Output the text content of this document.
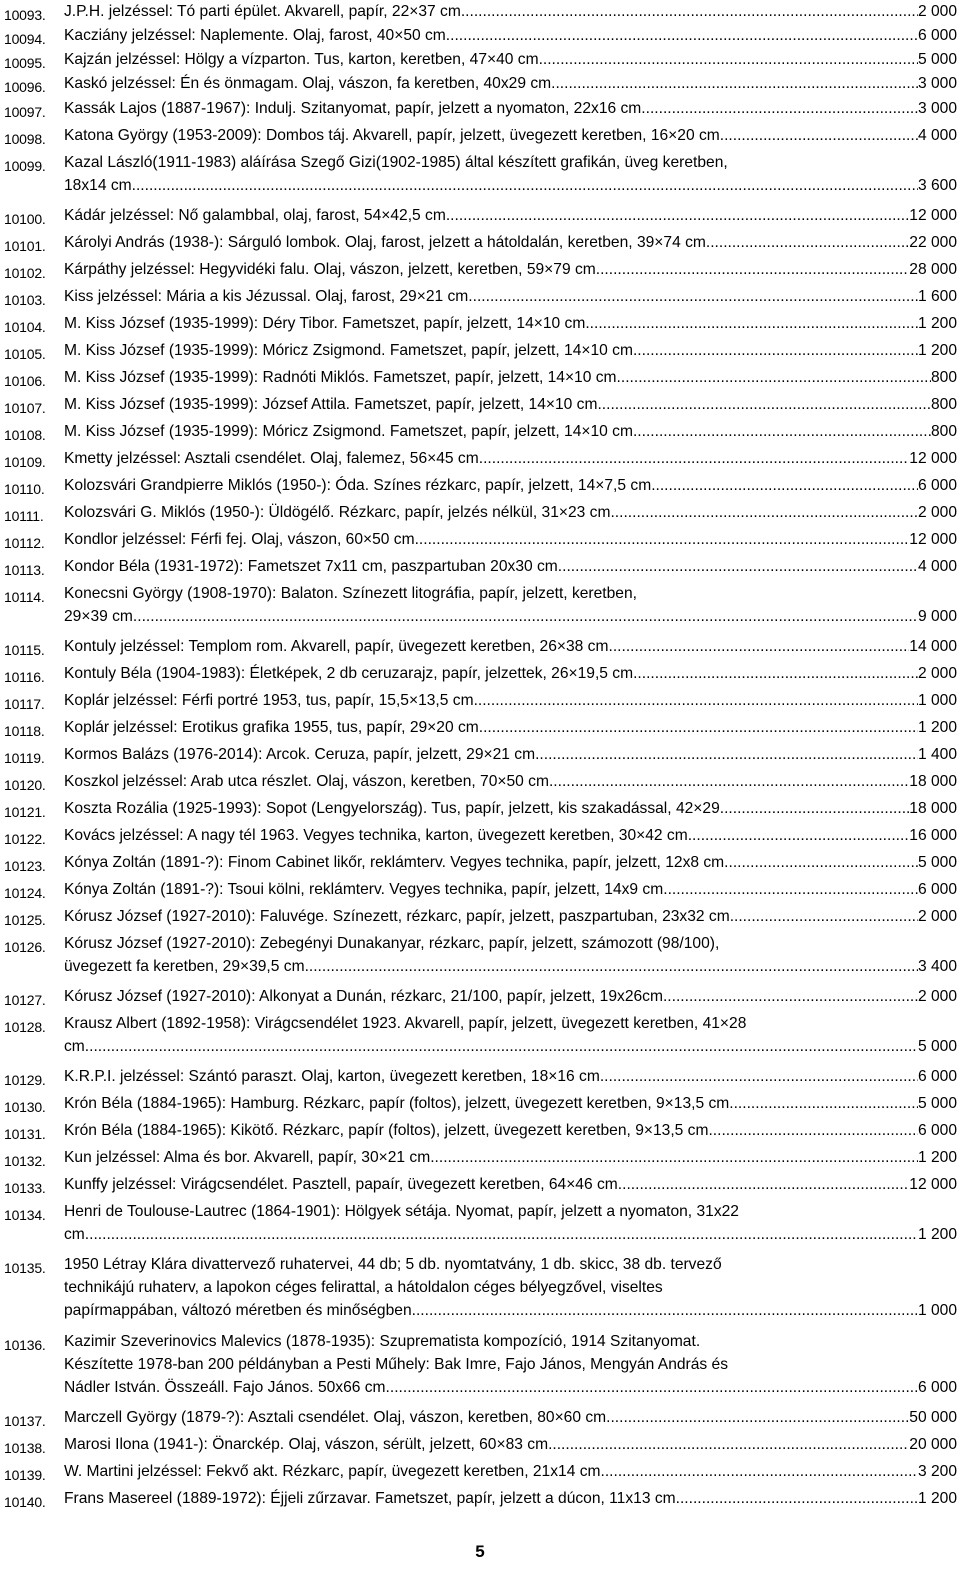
10093.	J.P.H. jelzéssel: Tó parti épület. Akvarell, papír, 22×37 cm .....	2 000
10094.	Kacziány jelzéssel: Naplemente. Olaj, farost, 40×50 cm .....	6 000
10095.	Kajzán jelzéssel: Hölgy a vízparton. Tus, karton, keretben, 47×40 cm .....	5 000
10096.	Kaskó jelzéssel: Én és önmagam. Olaj, vászon, fa keretben, 40x29 cm .....	3 000
10097.	Kassák Lajos (1887-1967): Indulj. Szitanyomat, papír, jelzett a nyomaton, 22x16 cm .....	3 000
10098.	Katona György (1953-2009): Dombos táj. Akvarell, papír, jelzett, üvegezett keretben, 16×20 cm .....	4 000
10099.	Kazal László(1911-1983) aláírása Szegő Gizi(1902-1985) által készített grafikán, üveg keretben,
18x14 cm .....	3 600
10100.	Kádár jelzéssel: Nő galambbal, olaj, farost, 54×42,5 cm .....	12 000
10101.	Károlyi András (1938-): Sárguló lombok. Olaj, farost, jelzett a hátoldalán, keretben, 39×74 cm .....	22 000
10102.	Kárpáthy jelzéssel: Hegyvidéki falu. Olaj, vászon, jelzett, keretben, 59×79 cm .....	28 000
10103.	Kiss jelzéssel: Mária a kis Jézussal. Olaj, farost, 29×21 cm .....	1 600
10104.	M. Kiss József (1935-1999): Déry Tibor. Fametszet, papír, jelzett, 14×10 cm .....	1 200
10105.	M. Kiss József (1935-1999): Móricz Zsigmond. Fametszet, papír, jelzett, 14×10 cm .....	1 200
10106.	M. Kiss József (1935-1999): Radnóti Miklós. Fametszet, papír, jelzett, 14×10 cm .....	800
10107.	M. Kiss József (1935-1999): József Attila. Fametszet, papír, jelzett, 14×10 cm .....	800
10108.	M. Kiss József (1935-1999): Móricz Zsigmond. Fametszet, papír, jelzett, 14×10 cm .....	800
10109.	Kmetty jelzéssel: Asztali csendélet. Olaj, falemez, 56×45 cm .....	12 000
10110.	Kolozsvári Grandpierre Miklós (1950-): Óda. Színes rézkarc, papír, jelzett, 14×7,5 cm .....	6 000
10111.	Kolozsvári G. Miklós (1950-): Üldögélő. Rézkarc, papír, jelzés nélkül, 31×23 cm .....	2 000
10112.	Kondlor jelzéssel: Férfi fej. Olaj, vászon, 60×50 cm .....	12 000
10113.	Kondor Béla (1931-1972): Fametszet 7x11 cm, paszpartuban 20x30 cm .....	4 000
10114.	Konecsni György (1908-1970): Balaton. Színezett litográfia, papír, jelzett, keretben,
29×39 cm .....	9 000
10115.	Kontuly jelzéssel: Templom rom. Akvarell, papír, üvegezett keretben, 26×38 cm .....	14 000
10116.	Kontuly Béla (1904-1983): Életképek, 2 db ceruzarajz, papír, jelzettek, 26×19,5 cm .....	2 000
10117.	Koplár jelzéssel: Férfi portré 1953, tus, papír, 15,5×13,5 cm .....	1 000
10118.	Koplár jelzéssel: Erotikus grafika 1955, tus, papír, 29×20 cm .....	1 200
10119.	Kormos Balázs (1976-2014): Arcok. Ceruza, papír, jelzett, 29×21 cm .....	1 400
10120.	Koszkol jelzéssel: Arab utca részlet. Olaj, vászon, keretben, 70×50 cm .....	18 000
10121.	Koszta Rozália (1925-1993): Sopot (Lengyelország). Tus, papír, jelzett, kis szakadással, 42×29. .....	18 000
10122.	Kovács jelzéssel: A nagy tél 1963. Vegyes technika, karton, üvegezett keretben, 30×42 cm .....	16 000
10123.	Kónya Zoltán (1891-?): Finom Cabinet likőr, reklámterv. Vegyes technika, papír, jelzett, 12x8 cm. .....	5 000
10124.	Kónya Zoltán (1891-?): Tsoui kölni, reklámterv. Vegyes technika, papír, jelzett, 14x9 cm. .....	6 000
10125.	Kórusz József (1927-2010): Faluvége. Színezett, rézkarc, papír, jelzett, paszpartuban, 23x32 cm .....	2 000
10126.	Kórusz József (1927-2010): Zebegényi Dunakanyar, rézkarc, papír, jelzett, számozott (98/100),
üvegezett fa keretben, 29×39,5 cm .....	3 400
10127.	Kórusz József (1927-2010): Alkonyat a Dunán, rézkarc, 21/100, papír, jelzett, 19x26cm .....	2 000
10128.	Krausz Albert (1892-1958): Virágcsendélet 1923. Akvarell, papír, jelzett, üvegezett keretben, 41×28
cm .....	5 000
10129.	K.R.P.I. jelzéssel: Szántó paraszt. Olaj, karton, üvegezett keretben, 18×16 cm .....	6 000
10130.	Krón Béla (1884-1965): Hamburg. Rézkarc, papír (foltos), jelzett, üvegezett keretben, 9×13,5 cm .....	5 000
10131.	Krón Béla (1884-1965): Kikötő. Rézkarc, papír (foltos), jelzett, üvegezett keretben, 9×13,5 cm .....	6 000
10132.	Kun jelzéssel: Alma és bor. Akvarell, papír, 30×21 cm .....	1 200
10133.	Kunffy jelzéssel: Virágcsendélet. Pasztell, papaír, üvegezett keretben, 64×46 cm .....	12 000
10134.	Henri de Toulouse-Lautrec (1864-1901): Hölgyek sétája. Nyomat, papír, jelzett a nyomaton, 31x22
cm .....	1 200
10135.	1950 Létray Klára divattervező ruhatervei, 44 db; 5 db. nyomtatvány, 1 db. skicc, 38 db. tervező
technikájú ruhaterv, a lapokon céges felirattal, a hátoldalon céges bélyegzővel, viseltes
papírmappában, változó méretben és minőségben. .....	1 000
10136.	Kazimir Szeverinovics Malevics (1878-1935): Szuprematista kompozíció, 1914 Szitanyomat.
Készítette 1978-ban 200 példányban a Pesti Műhely: Bak Imre, Fajo János, Mengyán András és
Nádler István. Összeáll. Fajo János. 50x66 cm .....	6 000
10137.	Marczell György (1879-?): Asztali csendélet. Olaj, vászon, keretben, 80×60 cm .....	50 000
10138.	Marosi Ilona (1941-): Önarckép. Olaj, vászon, sérült, jelzett, 60×83 cm .....	20 000
10139.	W. Martini jelzéssel: Fekvő akt. Rézkarc, papír, üvegezett keretben, 21x14 cm .....	3 200
10140.	Frans Masereel (1889-1972): Éjjeli zűrzavar. Fametszet, papír, jelzett a dúcon, 11x13 cm .....	1 200
5
